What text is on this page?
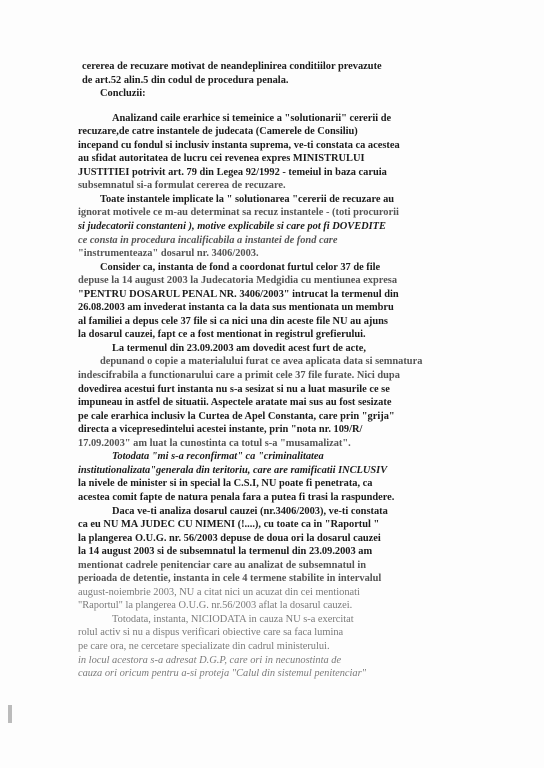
cererea de recuzare motivat de neandeplinirea conditiilor prevazute
de art.52 alin.5 din codul de procedura penala.
Concluzii:
Analizand caile erarhice si temeinice a "solutionarii" cererii de
recuzare,de catre instantele de judecata (Camerele de Consiliu)
incepand cu fondul si inclusiv instanta suprema, ve-ti constata ca acestea
au sfidat autoritatea de lucru cei revenea expres MINISTRULUI
JUSTITIEI potrivit art. 79 din Legea 92/1992 - temeiul in baza caruia
subsemnatul si-a formulat cererea de recuzare.
Toate instantele implicate la " solutionarea "cererii de recuzare au
ignorat motivele ce m-au determinat sa recuz instantele - (toti procurorii
si judecatorii constanteni ), motive explicabile si care pot fi DOVEDITE
ce consta in procedura incalificabila a instantei de fond care
"instrumenteaza" dosarul nr. 3406/2003.
Consider ca, instanta de fond a coordonat furtul celor 37 de file
depuse la 14 august 2003 la Judecatoria Medgidia cu mentiunea expresa
"PENTRU DOSARUL PENAL NR. 3406/2003" intrucat la termenul din
26.08.2003 am invederat instanta ca la data sus mentionata un membru
al familiei a depus cele 37 file si ca nici una din aceste file NU au ajuns
la dosarul cauzei, fapt ce a fost mentionat in registrul grefierului.
La termenul din 23.09.2003 am dovedit acest furt de acte,
depunand o copie a materialului furat ce avea aplicata data si semnatura
indescifrabila a functionarului care a primit cele 37 file furate. Nici dupa
dovedirea acestui furt instanta nu s-a sesizat si nu a luat masurile ce se
impuneau in astfel de situatii. Aspectele aratate mai sus au fost sesizate
pe cale erarhica inclusiv la Curtea de Apel Constanta, care prin "grija"
directa a vicepresedintelui acestei instante, prin "nota nr. 109/R/
17.09.2003" am luat la cunostinta ca totul s-a "musamalizat".
Totodata "mi s-a reconfirmat" ca "criminalitatea
institutionalizata"generala din teritoriu, care are ramificatii INCLUSIV
la nivele de minister si in special la C.S.I, NU poate fi penetrata, ca
acestea comit fapte de natura penala fara a putea fi trasi la raspundere.
Daca ve-ti analiza dosarul cauzei (nr.3406/2003), ve-ti constata
ca eu NU MA JUDEC CU NIMENI (!....), cu toate ca in "Raportul "
la plangerea O.U.G. nr. 56/2003 depuse de doua ori la dosarul cauzei
la 14 august 2003 si de subsemnatul la termenul din 23.09.2003 am
mentionat cadrele penitenciar care au analizat de subsemnatul in
perioada de detentie, instanta in cele 4 termene stabilite in intervalul
august-noiembrie 2003, NU a citat nici un acuzat din cei mentionati
"Raportul" la plangerea O.U.G. nr.56/2003 aflat la dosarul cauzei.
Totodata, instanta, NICIODATA in cauza NU s-a exercitat
rolul activ si nu a dispus verificari obiective care sa faca lumina
pe care ora, ne cercetare specializate din cadrul ministerului.
in locul acestora s-a adresat D.G.P, care ori in necunostinta de
cauza ori oricum pentru a-si proteja "Calul din sistemul penitenciar"
